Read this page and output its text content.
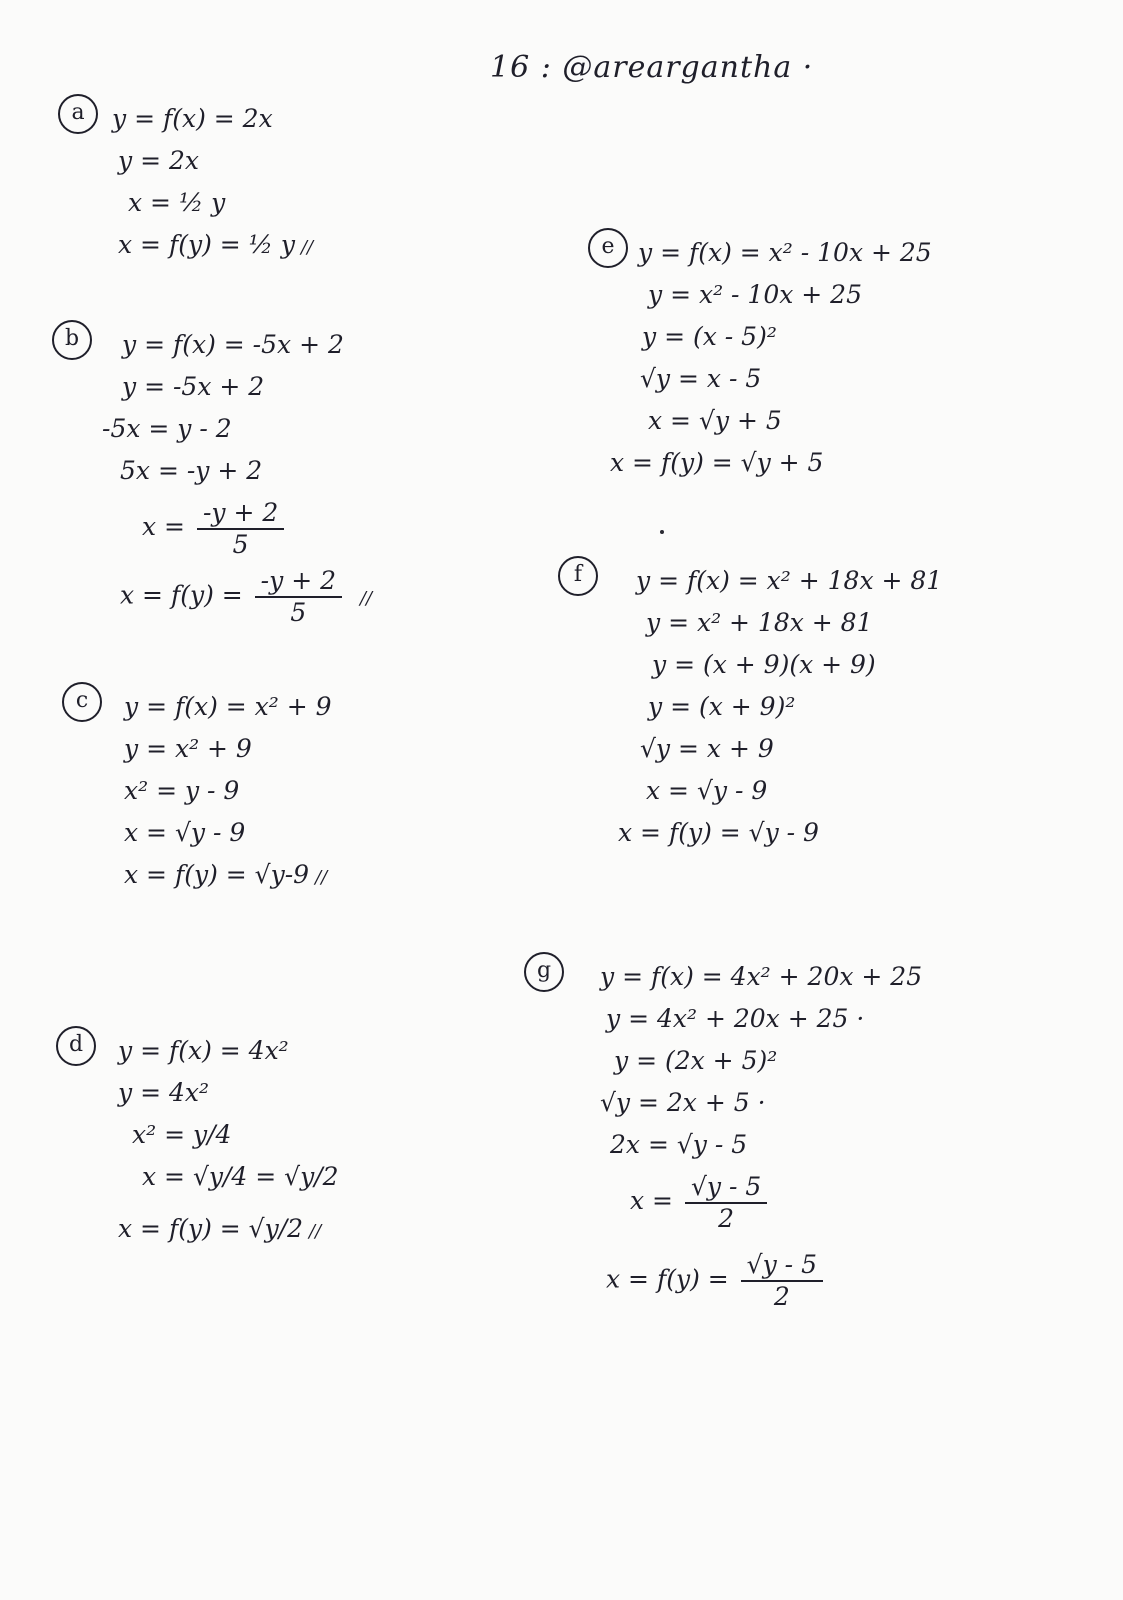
16 : @areargantha ·
a	y = f(x) = 2x
y = 2x
x = ½ y
x = f(y) = ½ y //
b	y = f(x) = -5x + 2
y = -5x + 2
-5x = y - 2
5x = -y + 2
$x = \frac{-y + 2}{5}$
$x = f(y) = \frac{-y + 2}{5}$ //
c	y = f(x) = x² + 9
y = x² + 9
x² = y - 9
x = √y - 9
x = f(y) = √y-9 //
d	y = f(x) = 4x²
y = 4x²
x² = y/4
x = √y/4 = √y/2
x = f(y) = √y/2 //
e y = f(x) = x² - 10x + 25
y = x² - 10x + 25
y = (x - 5)²
√y = x - 5
x = √y + 5
x = f(y) = √y + 5
f	y = f(x) = x² + 18x + 81
y = x² + 18x + 81
y = (x + 9)(x + 9)
y = (x + 9)²
√y = x + 9
x = √y - 9
x = f(y) = √y - 9
g	y = f(x) = 4x² + 20x + 25
y = 4x² + 20x + 25 ·
y = (2x + 5)²
√y = 2x + 5 ·
2x = √y - 5
$x = \frac{√y - 5}{2}$
$x = f(y) = \frac{√y - 5}{2}$
